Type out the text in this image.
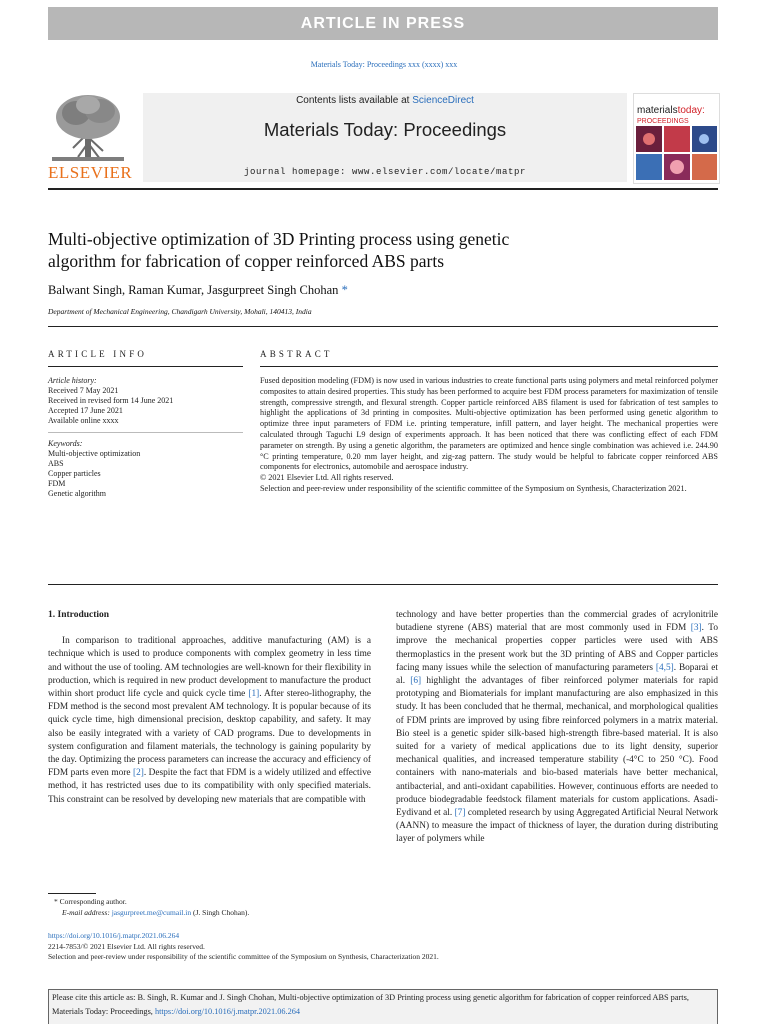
ARTICLE IN PRESS
Materials Today: Proceedings xxx (xxxx) xxx
ELSEVIER
Contents lists available at ScienceDirect
Materials Today: Proceedings
journal homepage: www.elsevier.com/locate/matpr
materialstoday:
PROCEEDINGS
Multi-objective optimization of 3D Printing process using genetic
algorithm for fabrication of copper reinforced ABS parts
Balwant Singh, Raman Kumar, Jasgurpreet Singh Chohan *
Department of Mechanical Engineering, Chandigarh University, Mohali, 140413, India
ARTICLE INFO	ABSTRACT
Article history:
Received 7 May 2021
Received in revised form 14 June 2021
Accepted 17 June 2021
Available online xxxx
Keywords:
Multi-objective optimization
ABS
Copper particles
FDM
Genetic algorithm
Fused deposition modeling (FDM) is now used in various industries to create functional parts using polymers and metal reinforced polymer composites to attain desired properties. This study has been performed to acquire best FDM process parameters for maximization of tensile strength, compressive strength, and flexural strength. Copper particle reinforced ABS filament is used for fabrication of test samples to highlight the applications of 3d printing in composites. Multi-objective optimization has been performed using genetic algorithm to optimize three input parameters of FDM i.e. printing temperature, infill pattern, and layer height. The mechanical properties were calculated through Taguchi L9 design of experiments approach. It has been noticed that there was conflicting effect of each FDM parameter on strength. By using a genetic algorithm, the parameters are optimized and hence single combination was achieved i.e. 244.90 °C printing temperature, 0.20 mm layer height, and zig-zag pattern. The study would be helpful to fabricate copper reinforced ABS components for electronics, automobile and aerospace industry.
© 2021 Elsevier Ltd. All rights reserved.
Selection and peer-review under responsibility of the scientific committee of the Symposium on Synthesis, Characterization 2021.
1. Introduction
In comparison to traditional approaches, additive manufacturing (AM) is a technique which is used to produce components with complex geometry in less time and without the use of tooling. AM technologies are well-known for their flexibility in production, which is required in new product development to manufacture the product within short product life cycle and quick cycle time [1]. After stereo-lithography, the FDM method is the second most prevalent AM technology. It is popular because of its quick cycle time, high dimensional precision, desktop capability, and safety. It may also be easily integrated with a variety of CAD programs. Due to developments in system configuration and filament materials, the technology is gaining popularity by the day. Optimizing the process parameters can increase the accuracy and efficiency of FDM parts even more [2]. Despite the fact that FDM is a widely utilized and effective method, it has restricted uses due to its compatibility with only specified materials. This constraint can be resolved by developing new materials that are compatible with
technology and have better properties than the commercial grades of acrylonitrile butadiene styrene (ABS) material that are most commonly used in FDM [3]. To improve the mechanical properties copper particles were used with ABS thermoplastics in the present work but the 3D printing of ABS and Copper particles facing many issues while the selection of manufacturing parameters [4,5]. Boparai et al. [6] highlight the advantages of fiber reinforced polymer materials for rapid prototyping and Biomaterials for implant manufacturing are also emphasized in this study. It has been concluded that he thermal, mechanical, and morphological qualities of FDM prints are improved by using fibre reinforced polymers in a matrix material. Bio steel is a genetic spider silk-based high-strength fibre-based material. It is also suited for a variety of medical applications due to its light density, superior mechanical qualities, and increased temperature stability (-4°C to 250 °C). Food containers with nano-materials and bio-based materials have better mechanical, antibacterial, and anti-oxidant capabilities. However, continuous efforts are needed to produce biodegradable feedstock filament materials for custom applications. Asadi-Eydivand et al. [7] completed research by using Aggregated Artificial Neural Network (AANN) to measure the impact of thickness of layer, the duration during distributing layer of polymers while
* Corresponding author.
E-mail address: jasgurpreet.me@cumail.in (J. Singh Chohan).
https://doi.org/10.1016/j.matpr.2021.06.264
2214-7853/© 2021 Elsevier Ltd. All rights reserved.
Selection and peer-review under responsibility of the scientific committee of the Symposium on Synthesis, Characterization 2021.
Please cite this article as: B. Singh, R. Kumar and J. Singh Chohan, Multi-objective optimization of 3D Printing process using genetic algorithm for fabrication of copper reinforced ABS parts, Materials Today: Proceedings, https://doi.org/10.1016/j.matpr.2021.06.264
